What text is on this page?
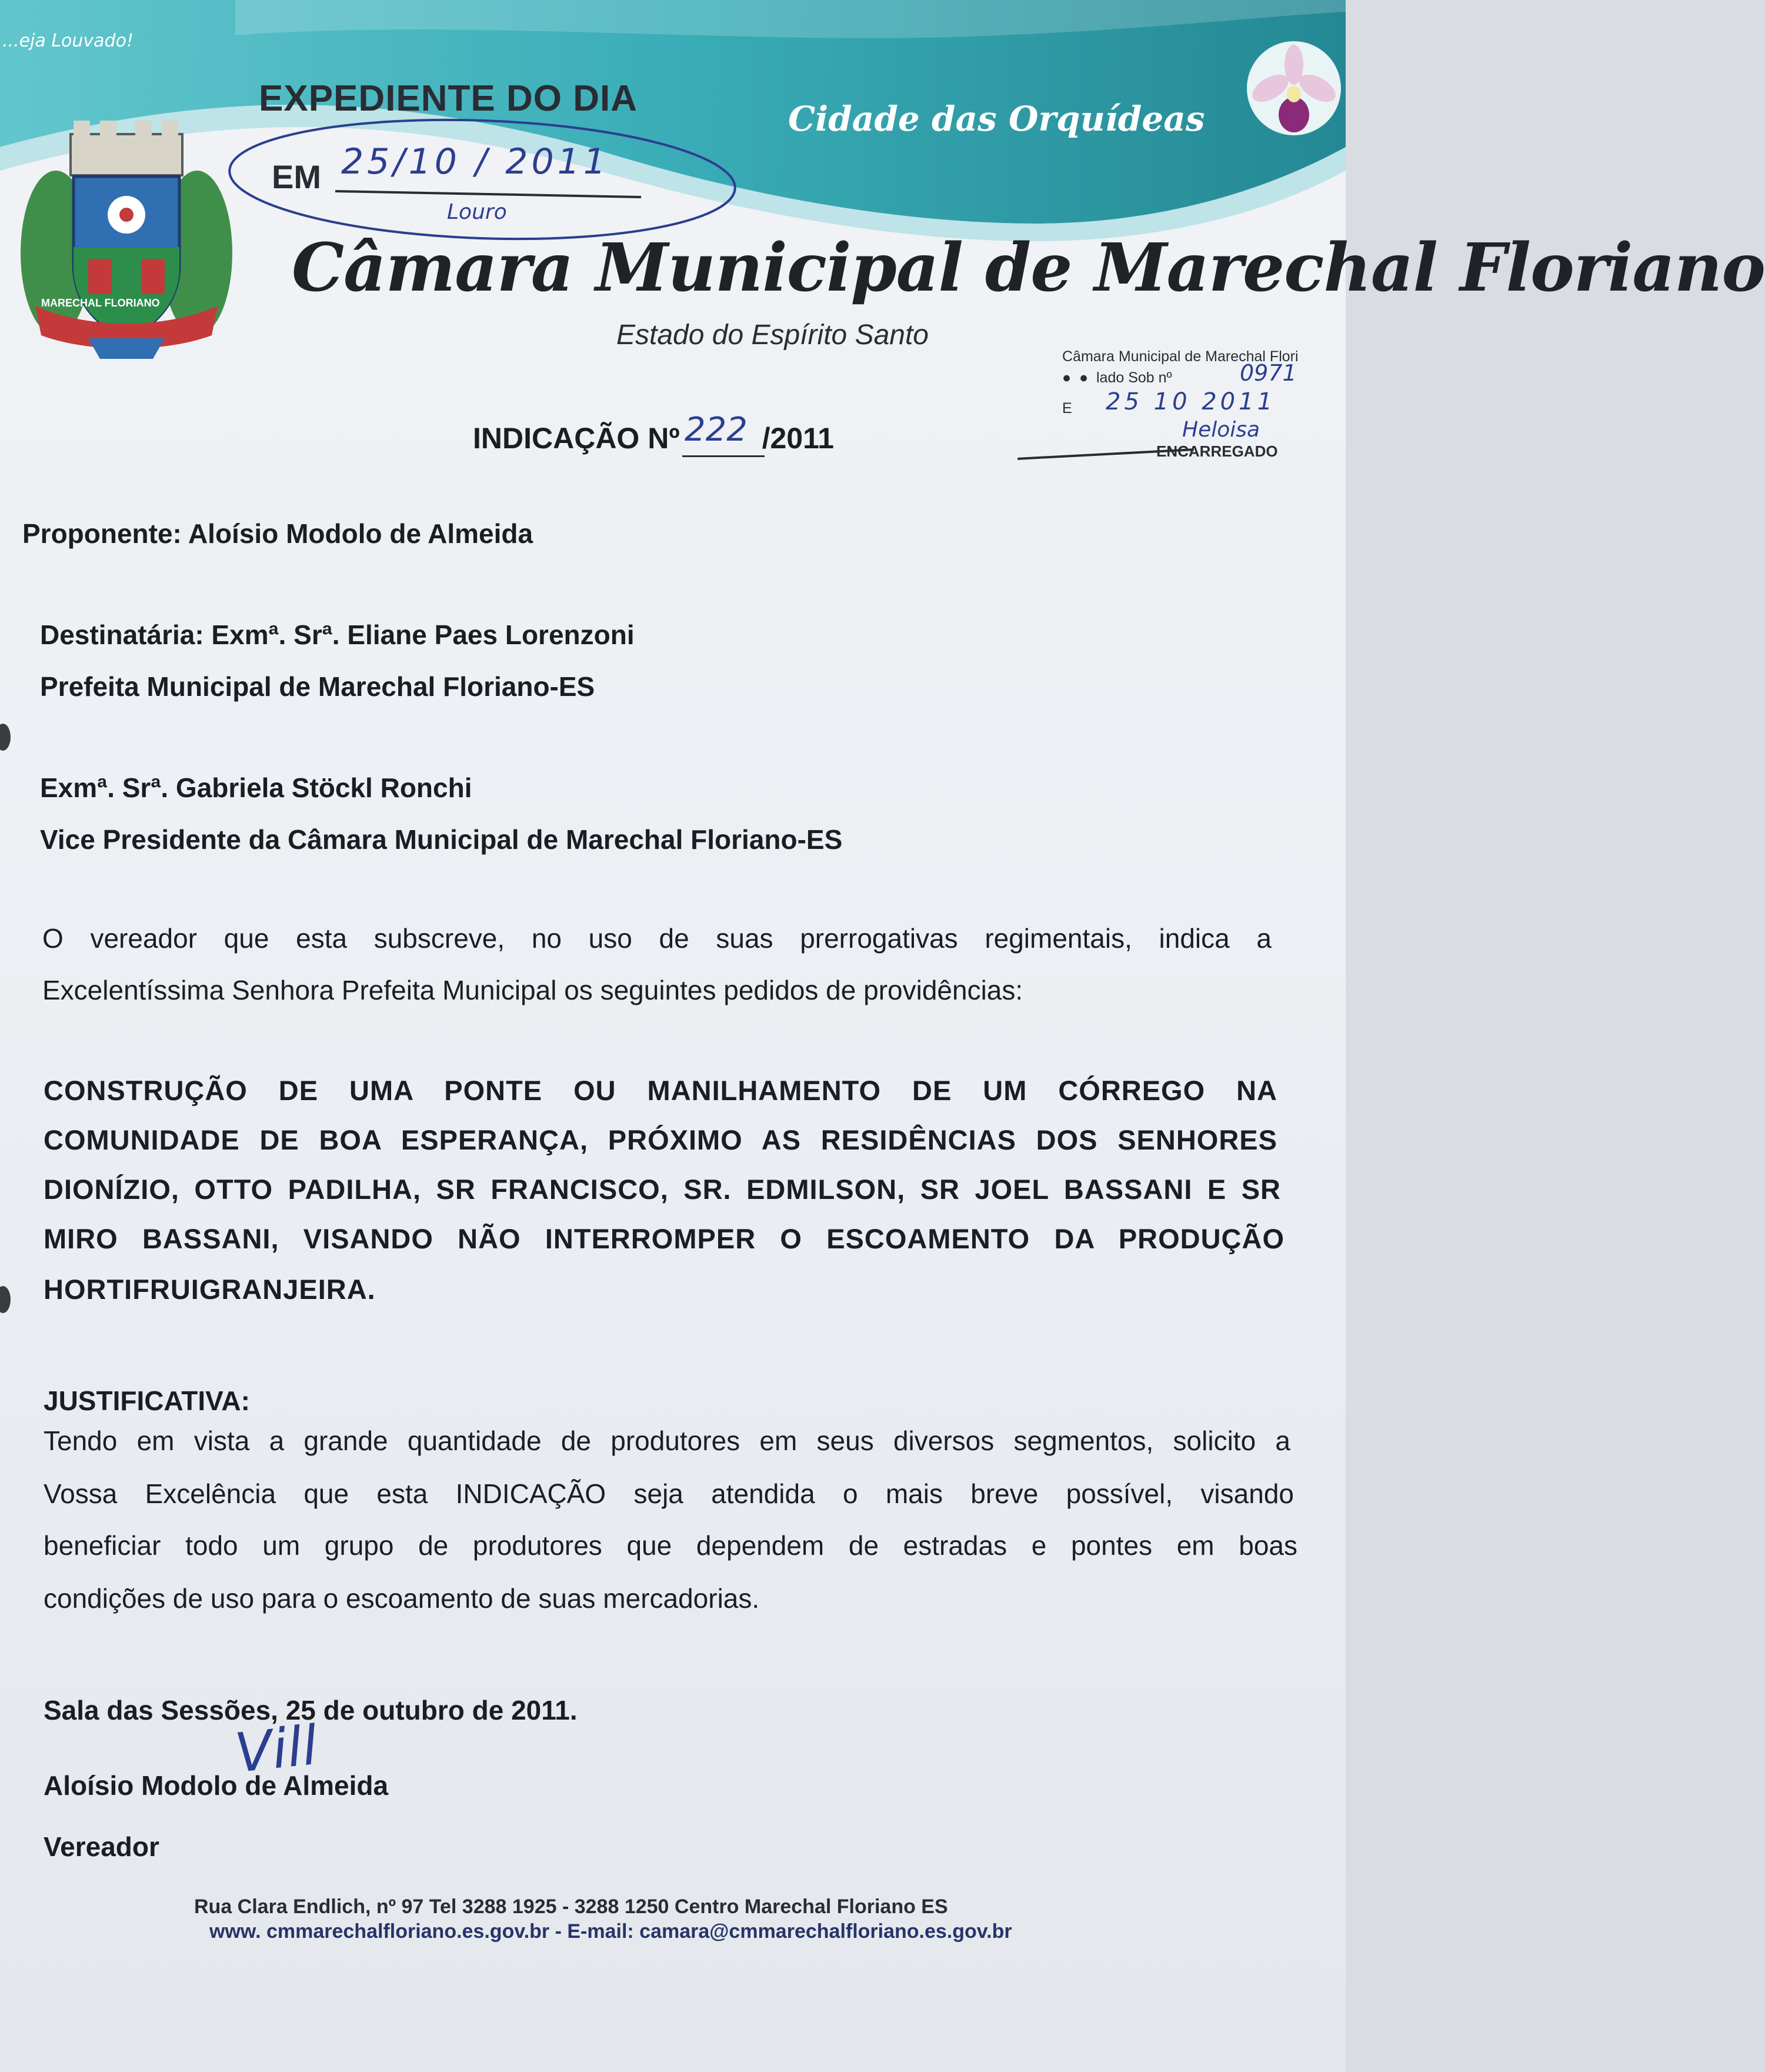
...eja Louvado!
EXPEDIENTE DO DIA
EM 25/10 / 2011
Louro
Cidade das Orquídeas
Câmara Municipal de Marechal Floriano
Estado do Espírito Santo
MARECHAL FLORIANO
Câmara Municipal de Marechal Flori
●  ●  lado Sob nº	0971
E 25 10 2011
Heloisa
ENCARREGADO
INDICAÇÃO Nº	/2011
222
Proponente: Aloísio Modolo de Almeida
Destinatária: Exmª. Srª. Eliane Paes Lorenzoni
Prefeita Municipal de Marechal Floriano-ES
Exmª. Srª. Gabriela Stöckl Ronchi
Vice Presidente da Câmara Municipal de Marechal Floriano-ES
O vereador que esta subscreve, no uso de suas prerrogativas regimentais, indica a
Excelentíssima Senhora Prefeita Municipal os seguintes pedidos de providências:
CONSTRUÇÃO DE UMA PONTE OU MANILHAMENTO DE UM CÓRREGO NA
COMUNIDADE DE BOA ESPERANÇA, PRÓXIMO AS RESIDÊNCIAS DOS SENHORES
DIONÍZIO, OTTO PADILHA, SR FRANCISCO, SR. EDMILSON, SR JOEL BASSANI E SR
MIRO BASSANI, VISANDO NÃO INTERROMPER O ESCOAMENTO DA PRODUÇÃO
HORTIFRUIGRANJEIRA.
JUSTIFICATIVA:
Tendo em vista a grande quantidade de produtores em seus diversos segmentos, solicito a
Vossa Excelência que esta INDICAÇÃO seja atendida o mais breve possível, visando
beneficiar todo um grupo de produtores que dependem de estradas e pontes em boas
condições de uso para o escoamento de suas mercadorias.
Sala das Sessões, 25 de outubro de 2011.
Vill
Aloísio Modolo de Almeida
Vereador
Rua Clara Endlich, nº 97 Tel 3288 1925 - 3288 1250 Centro Marechal Floriano ES
www. cmmarechalfloriano.es.gov.br - E-mail: camara@cmmarechalfloriano.es.gov.br
